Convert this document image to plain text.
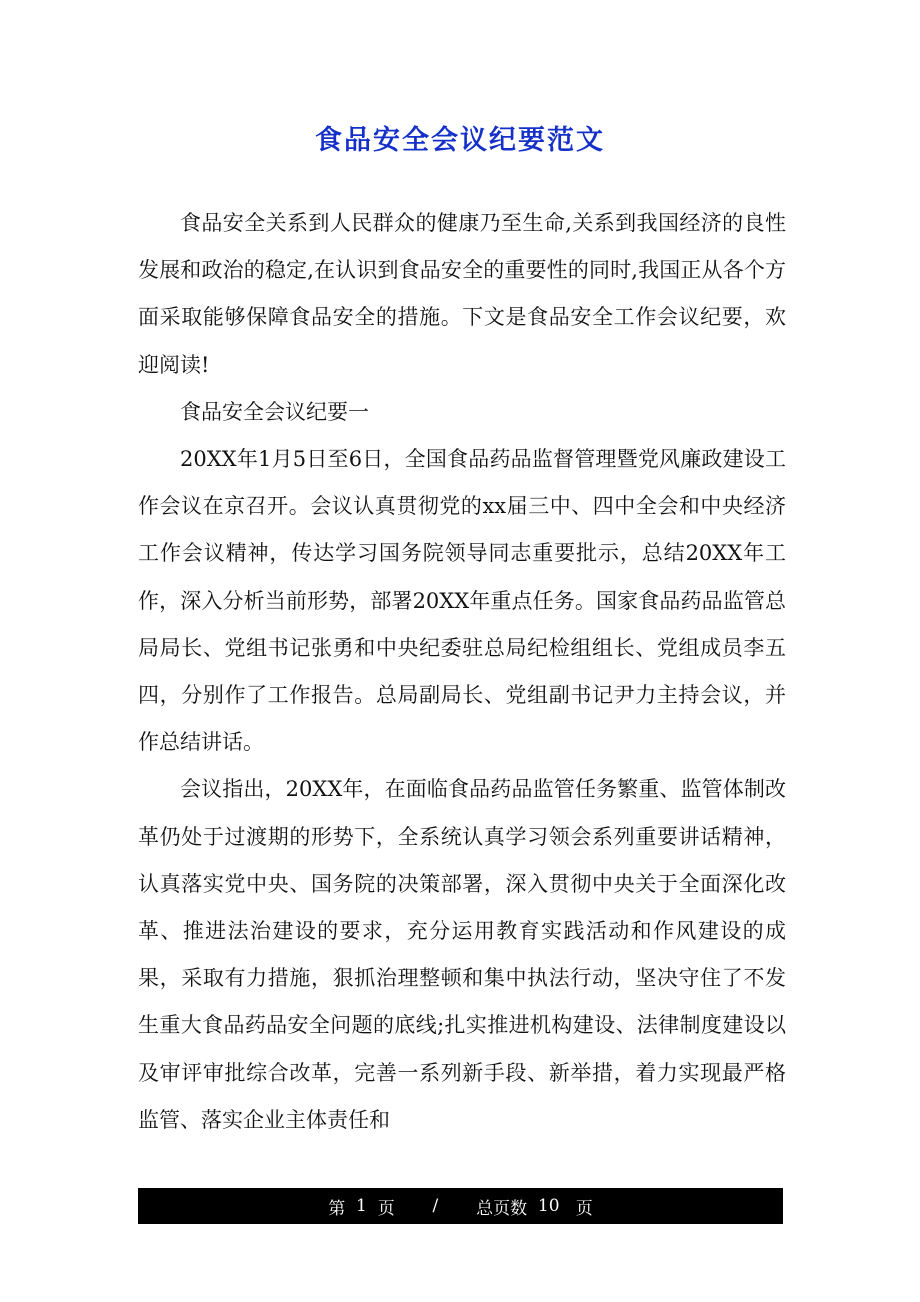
食品安全会议纪要范文

食品安全关系到人民群众的健康乃至生命,关系到我国经济的良性发展和政治的稳定,在认识到食品安全的重要性的同时,我国正从各个方面采取能够保障食品安全的措施。下文是食品安全工作会议纪要，欢迎阅读!

食品安全会议纪要一

20XX年1月5日至6日，全国食品药品监督管理暨党风廉政建设工作会议在京召开。会议认真贯彻党的xx届三中、四中全会和中央经济工作会议精神，传达学习国务院领导同志重要批示，总结20XX年工作，深入分析当前形势，部署20XX年重点任务。国家食品药品监管总局局长、党组书记张勇和中央纪委驻总局纪检组组长、党组成员李五四，分别作了工作报告。总局副局长、党组副书记尹力主持会议，并作总结讲话。

会议指出，20XX年，在面临食品药品监管任务繁重、监管体制改革仍处于过渡期的形势下，全系统认真学习领会系列重要讲话精神，认真落实党中央、国务院的决策部署，深入贯彻中央关于全面深化改革、推进法治建设的要求，充分运用教育实践活动和作风建设的成果，采取有力措施，狠抓治理整顿和集中执法行动，坚决守住了不发生重大食品药品安全问题的底线;扎实推进机构建设、法律制度建设以及审评审批综合改革，完善一系列新手段、新举措，着力实现最严格监管、落实企业主体责任和

第
1
页
/
总页数
10
页
